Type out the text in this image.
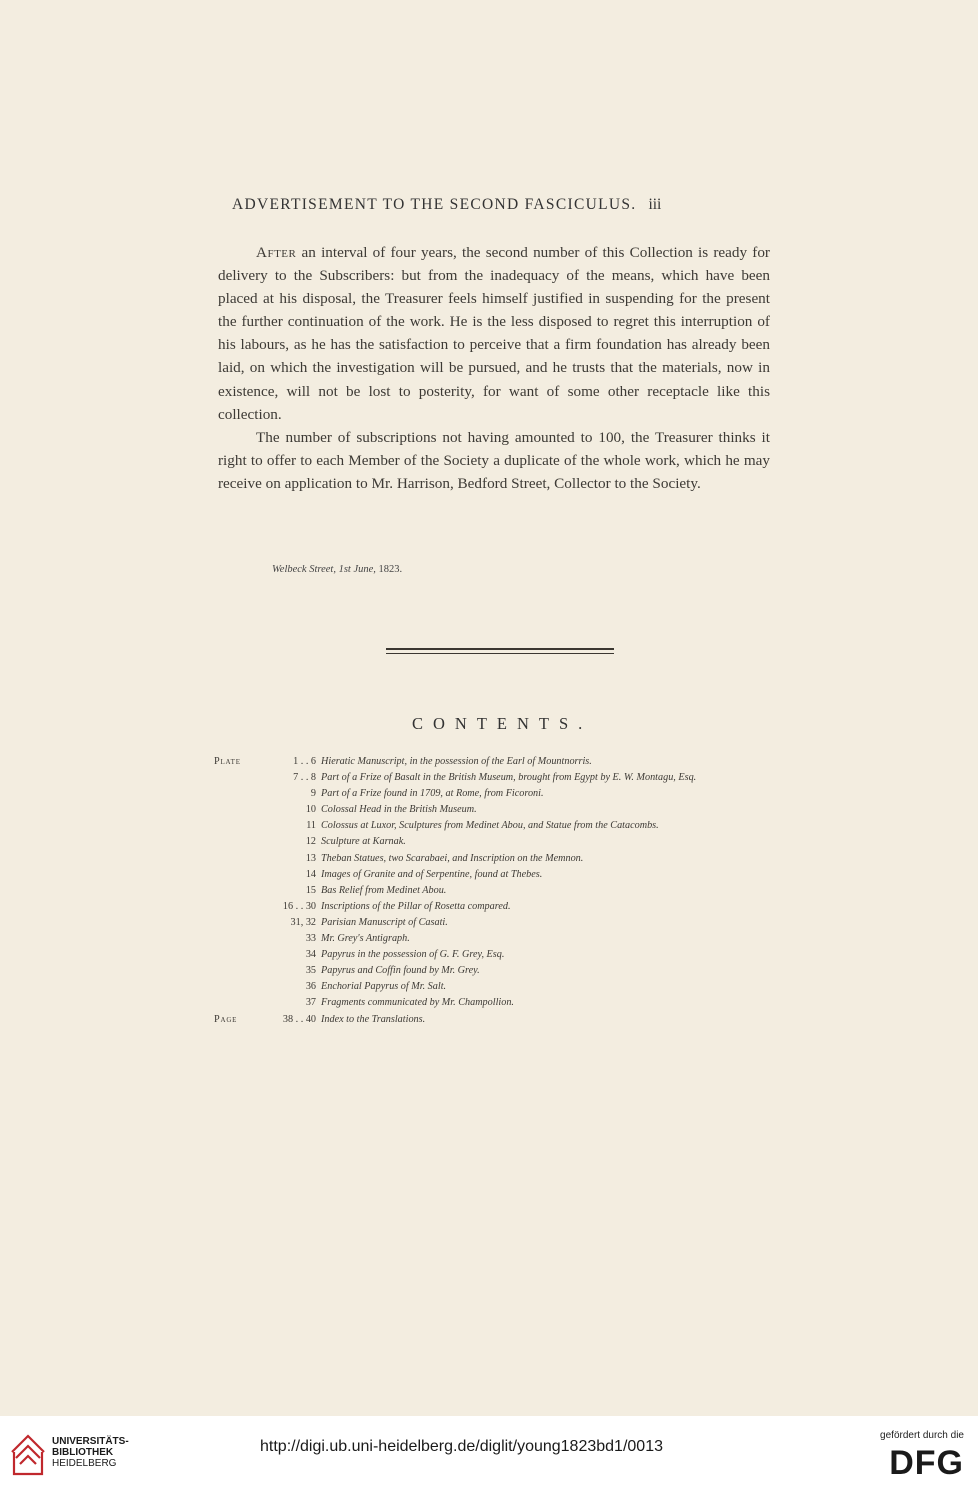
ADVERTISEMENT TO THE SECOND FASCICULUS. iii

After an interval of four years, the second number of this Collection is ready for delivery to the Subscribers: but from the inadequacy of the means, which have been placed at his disposal, the Treasurer feels himself justified in suspending for the present the further continuation of the work. He is the less disposed to regret this interruption of his labours, as he has the satisfaction to perceive that a firm foundation has already been laid, on which the investigation will be pursued, and he trusts that the materials, now in existence, will not be lost to posterity, for want of some other receptacle like this collection.

The number of subscriptions not having amounted to 100, the Treasurer thinks it right to offer to each Member of the Society a duplicate of the whole work, which he may receive on application to Mr. Harrison, Bedford Street, Collector to the Society.

Welbeck Street, 1st June, 1823.
CONTENTS.
Plate	1 . . 6 Hieratic Manuscript, in the possession of the Earl of Mountnorris.
7 . . 8 Part of a Frize of Basalt in the British Museum, brought from Egypt by E. W. Montagu, Esq.
9 Part of a Frize found in 1709, at Rome, from Ficoroni.
10 Colossal Head in the British Museum.
11 Colossus at Luxor, Sculptures from Medinet Abou, and Statue from the Catacombs.
12 Sculpture at Karnak.
13 Theban Statues, two Scarabaei, and Inscription on the Memnon.
14 Images of Granite and of Serpentine, found at Thebes.
15 Bas Relief from Medinet Abou.
16 . . 30 Inscriptions of the Pillar of Rosetta compared.
31, 32 Parisian Manuscript of Casati.
33 Mr. Grey's Antigraph.
34 Papyrus in the possession of G. F. Grey, Esq.
35 Papyrus and Coffin found by Mr. Grey.
36 Enchorial Papyrus of Mr. Salt.
37 Fragments communicated by Mr. Champollion.
Page	38 . . 40 Index to the Translations.
UNIVERSITÄTS-
BIBLIOTHEK
HEIDELBERG
http://digi.ub.uni-heidelberg.de/diglit/young1823bd1/0013
gefördert durch die
DFG
